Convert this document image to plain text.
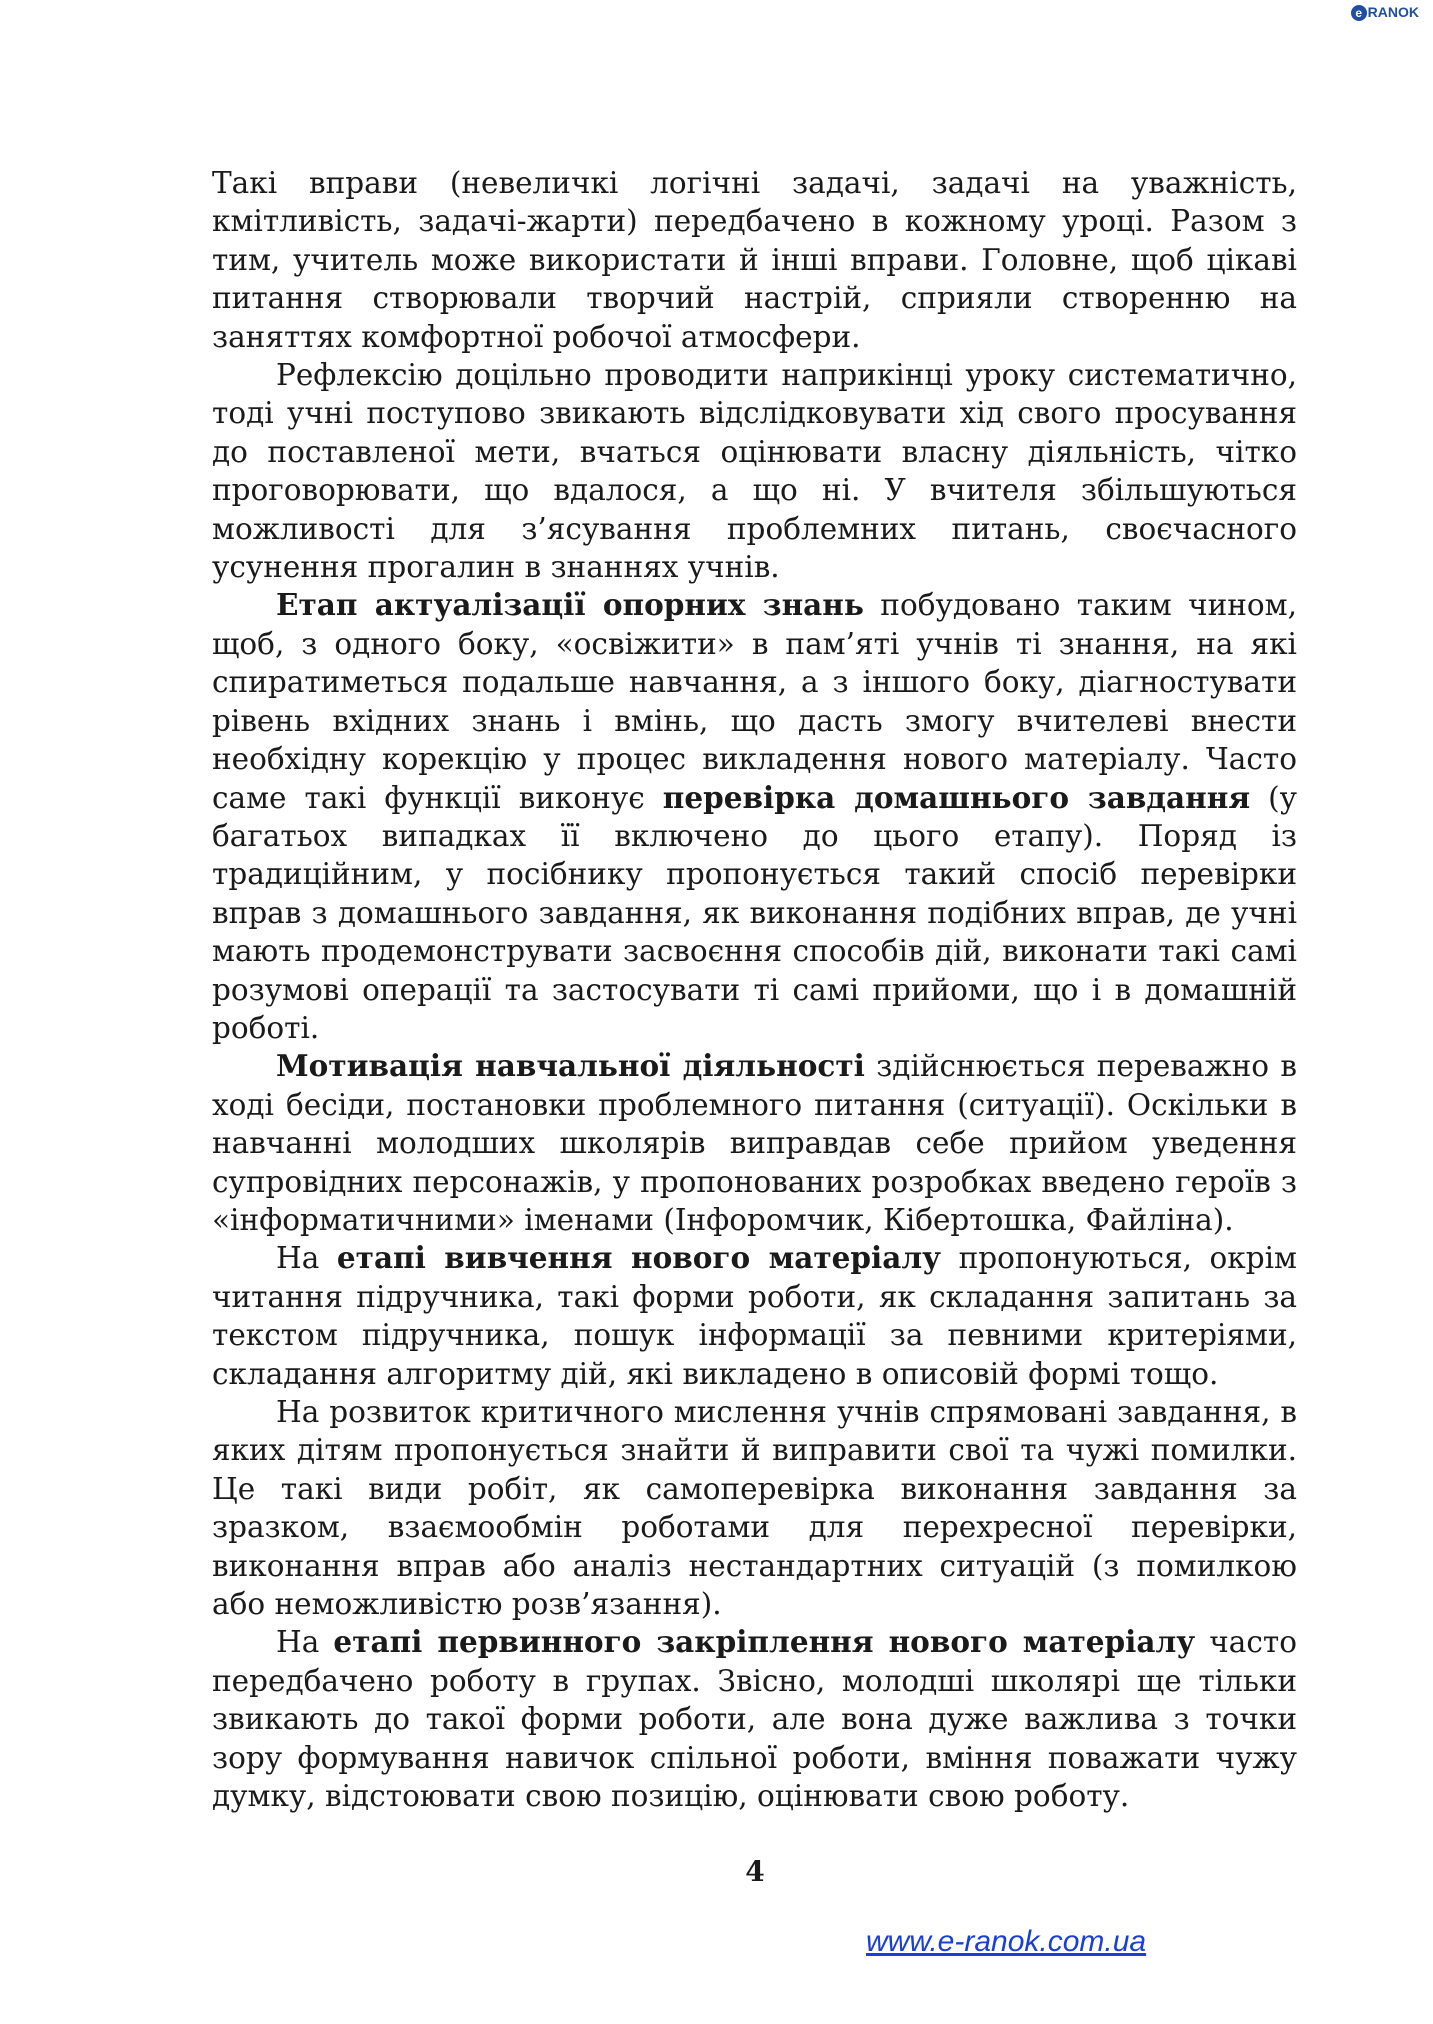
e RANOK

Такі вправи (невеличкі логічні задачі, задачі на уважність, кмітливість, задачі-жарти) передбачено в кожному уроці. Разом з тим, учитель може використати й інші вправи. Головне, щоб цікаві питання створювали творчий настрій, сприяли створенню на заняттях комфортної робочої атмосфери.

Рефлексію доцільно проводити наприкінці уроку систематично, тоді учні поступово звикають відслідковувати хід свого просування до поставленої мети, вчаться оцінювати власну діяльність, чітко проговорювати, що вдалося, а що ні. У вчителя збільшуються можливості для з’ясування проблемних питань, своєчасного усунення прогалин в знаннях учнів.

Етап актуалізації опорних знань побудовано таким чином, щоб, з одного боку, «освіжити» в пам’яті учнів ті знання, на які спиратиметься подальше навчання, а з іншого боку, діагностувати рівень вхідних знань і вмінь, що дасть змогу вчителеві внести необхідну корекцію у процес викладення нового матеріалу. Часто саме такі функції виконує перевірка домашнього завдання (у багатьох випадках її включено до цього етапу). Поряд із традиційним, у посібнику пропонується такий спосіб перевірки вправ з домашнього завдання, як виконання подібних вправ, де учні мають продемонструвати засвоєння способів дій, виконати такі самі розумові операції та застосувати ті самі прийоми, що і в домашній роботі.

Мотивація навчальної діяльності здійснюється переважно в ході бесіди, постановки проблемного питання (ситуації). Оскільки в навчанні молодших школярів виправдав себе прийом уведення супровідних персонажів, у пропонованих розробках введено героїв з «інформатичними» іменами (Інфоромчик, Кібертошка, Файліна).

На етапі вивчення нового матеріалу пропонуються, окрім читання підручника, такі форми роботи, як складання запитань за текстом підручника, пошук інформації за певними критеріями, складання алгоритму дій, які викладено в описовій формі тощо.

На розвиток критичного мислення учнів спрямовані завдання, в яких дітям пропонується знайти й виправити свої та чужі помилки. Це такі види робіт, як самоперевірка виконання завдання за зразком, взаємообмін роботами для перехресної перевірки, виконання вправ або аналіз нестандартних ситуацій (з помилкою або неможливістю розв’язання).

На етапі первинного закріплення нового матеріалу часто передбачено роботу в групах. Звісно, молодші школярі ще тільки звикають до такої форми роботи, але вона дуже важлива з точки зору формування навичок спільної роботи, вміння поважати чужу думку, відстоювати свою позицію, оцінювати свою роботу.

4
www.e-ranok.com.ua
